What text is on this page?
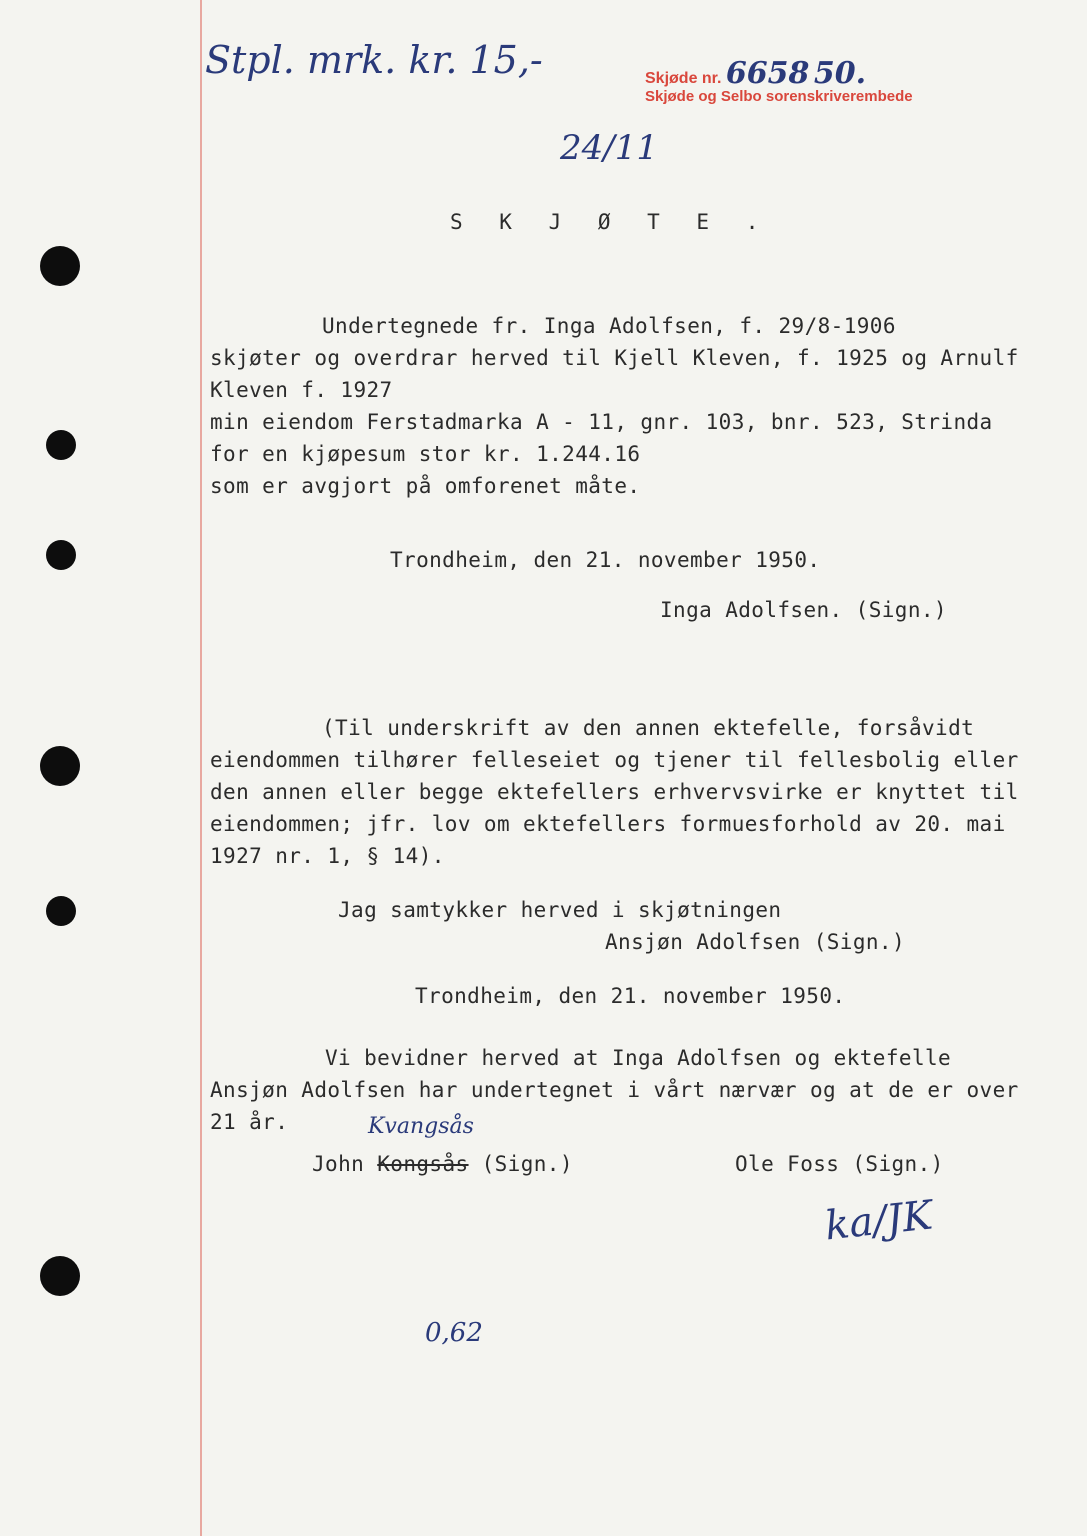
Stpl. mrk. kr. 15,-	Skjøde nr. 6658 50.
Skjøde og Selbo sorenskriverembede
24/11
S K J Ø T E .
Undertegnede fr. Inga Adolfsen, f. 29/8-1906
skjøter og overdrar herved til Kjell Kleven, f. 1925 og Arnulf
Kleven f. 1927
min eiendom Ferstadmarka A - 11, gnr. 103, bnr. 523, Strinda
for en kjøpesum stor kr. 1.244.16
som er avgjort på omforenet måte.
Trondheim, den 21. november 1950.
Inga Adolfsen. (Sign.)
(Til underskrift av den annen ektefelle, forsåvidt
eiendommen tilhører felleseiet og tjener til fellesbolig eller
den annen eller begge ektefellers erhvervsvirke er knyttet til
eiendommen; jfr. lov om ektefellers formuesforhold av 20. mai
1927 nr. 1, § 14).
Jag samtykker herved i skjøtningen
Ansjøn Adolfsen (Sign.)
Trondheim, den 21. november 1950.
Vi bevidner herved at Inga Adolfsen og ektefelle
Ansjøn Adolfsen har undertegnet i vårt nærvær og at de er over
21 år.	Kvangsås
John Kongsås (Sign.)	Ole Foss (Sign.)
ka/JK
0,62
